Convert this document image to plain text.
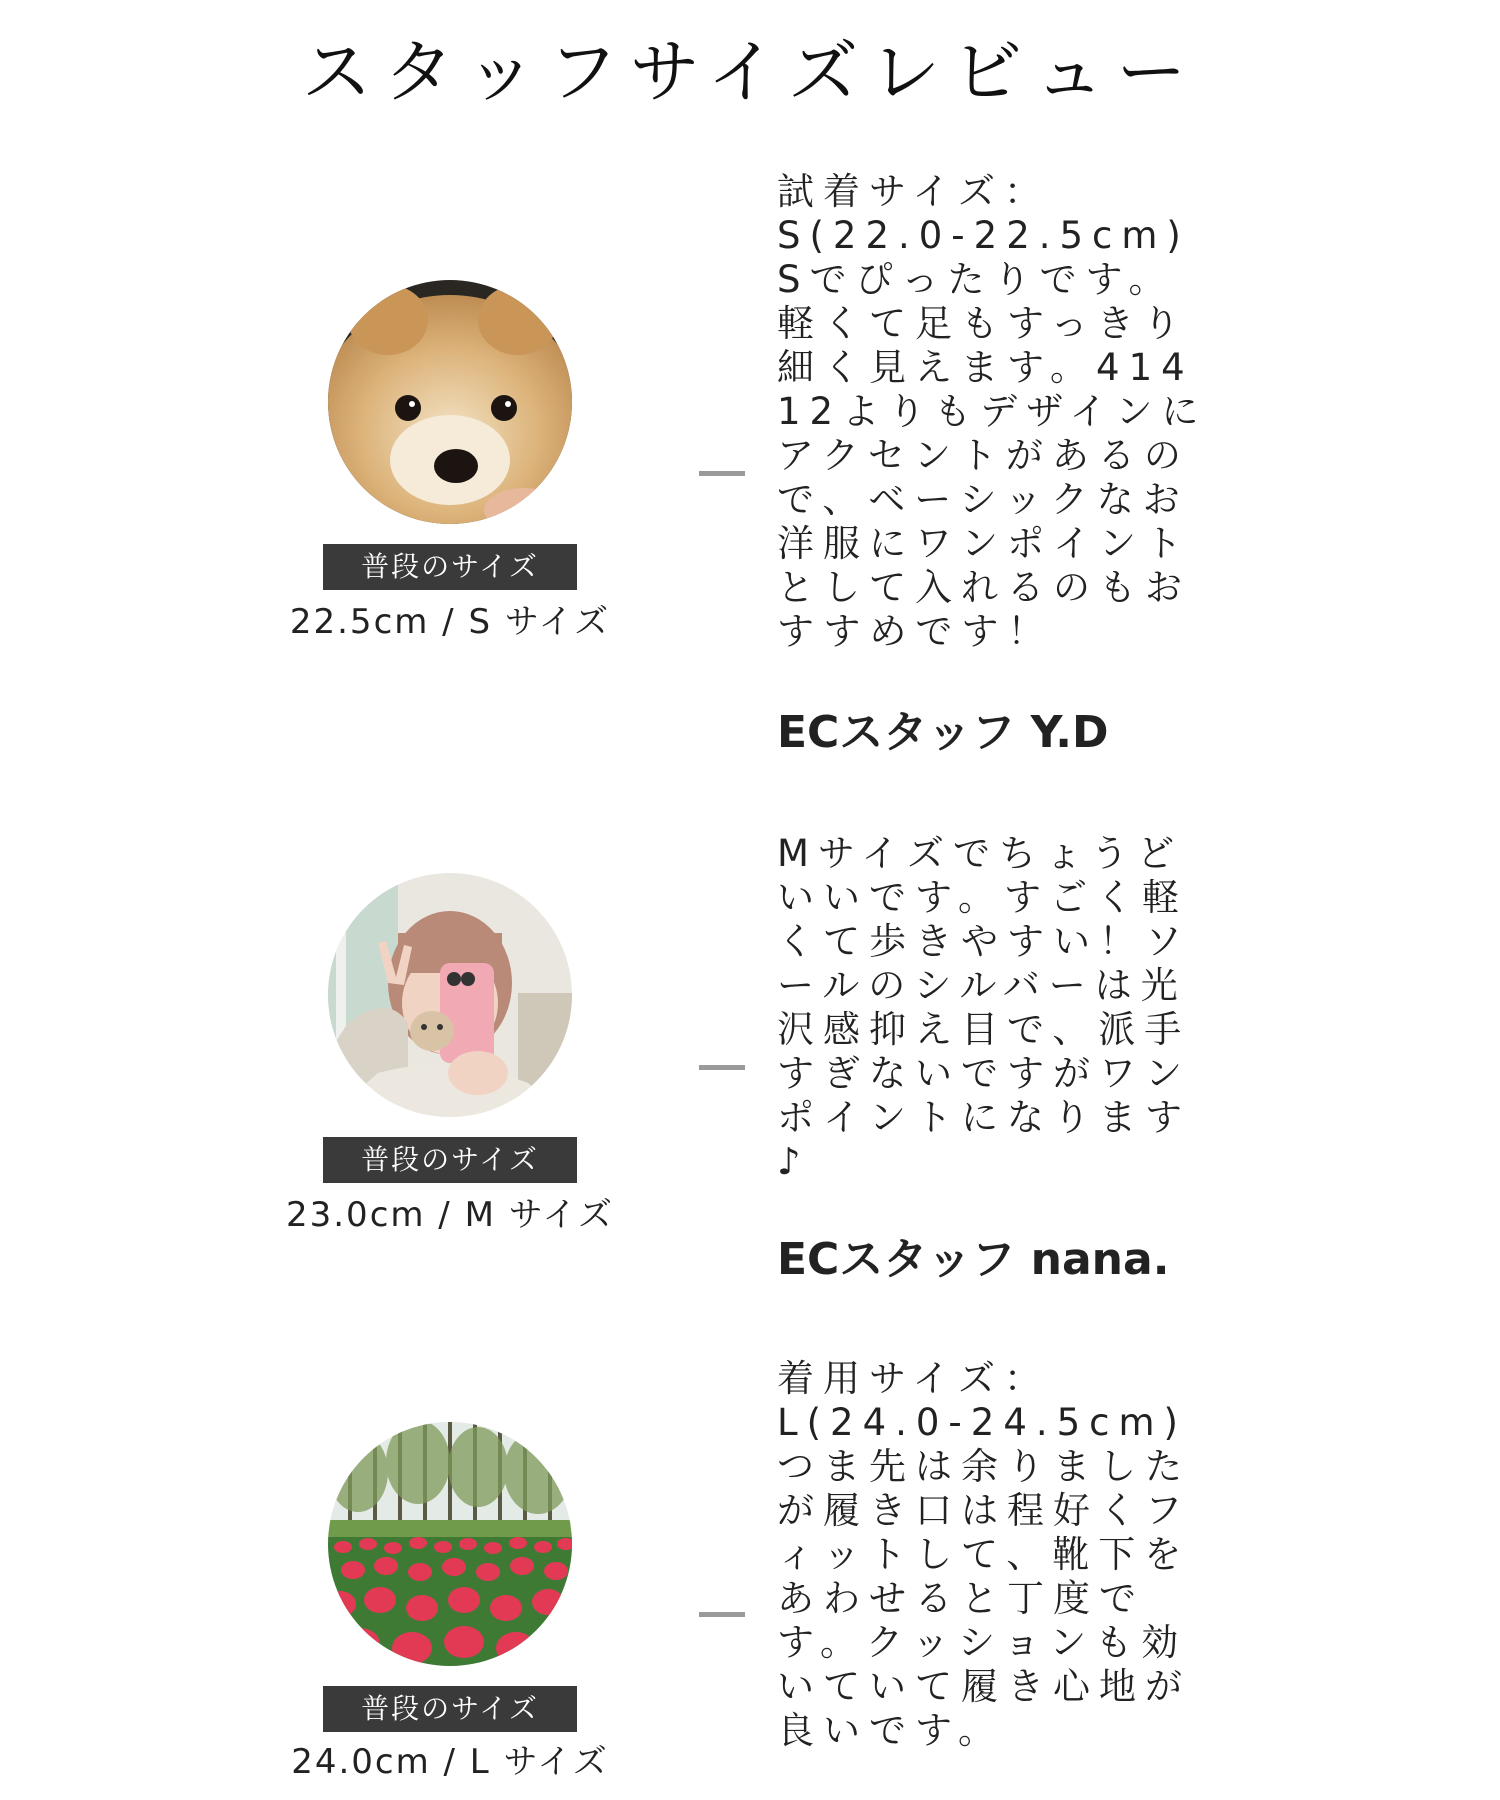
スタッフサイズレビュー
普段のサイズ
22.5cm / S サイズ
試着サイズ：
S(22.0-22.5cm)
Sでぴったりです。軽くて足もすっきり細く見えます。41412よりもデザインにアクセントがあるので、ベーシックなお洋服にワンポイントとして入れるのもおすすめです！
ECスタッフ Y.D
普段のサイズ
23.0cm / M サイズ
Mサイズでちょうどいいです。すごく軽くて歩きやすい！ソールのシルバーは光沢感抑え目で、派手すぎないですがワンポイントになります♪
ECスタッフ nana.
普段のサイズ
24.0cm / L サイズ
着用サイズ：
L(24.0-24.5cm)
つま先は余りましたが履き口は程好くフィットして、靴下をあわせると丁度です。クッションも効いていて履き心地が良いです。
